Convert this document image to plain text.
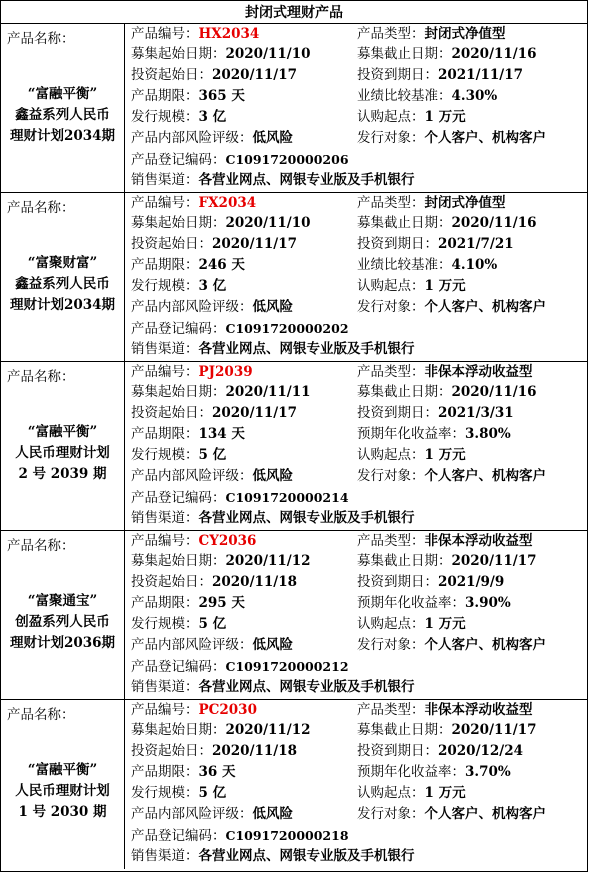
封闭式理财产品
产品名称：
“富融平衡”
鑫益系列人民币
理财计划2034期
产品编号：HX2034	产品类型：封闭式净值型
募集起始日期：2020/11/10	募集截止日期：2020/11/16
投资起始日：2020/11/17	投资到期日：2021/11/17
产品期限：365 天	业绩比较基准：4.30%
发行规模：3 亿	认购起点：1 万元
产品内部风险评级：低风险	发行对象：个人客户、机构客户
产品登记编码：C1091720000206
销售渠道：各营业网点、网银专业版及手机银行
产品名称：
“富聚财富”
鑫益系列人民币
理财计划2034期
产品编号：FX2034	产品类型：封闭式净值型
募集起始日期：2020/11/10	募集截止日期：2020/11/16
投资起始日：2020/11/17	投资到期日：2021/7/21
产品期限：246 天	业绩比较基准：4.10%
发行规模：3 亿	认购起点：1 万元
产品内部风险评级：低风险	发行对象：个人客户、机构客户
产品登记编码：C1091720000202
销售渠道：各营业网点、网银专业版及手机银行
产品名称：
“富融平衡”
人民币理财计划
2 号 2039 期
产品编号：PJ2039	产品类型：非保本浮动收益型
募集起始日期：2020/11/11	募集截止日期：2020/11/16
投资起始日：2020/11/17	投资到期日：2021/3/31
产品期限：134 天	预期年化收益率：3.80%
发行规模：5 亿	认购起点：1 万元
产品内部风险评级：低风险	发行对象：个人客户、机构客户
产品登记编码：C1091720000214
销售渠道：各营业网点、网银专业版及手机银行
产品名称：
“富聚通宝”
创盈系列人民币
理财计划2036期
产品编号：CY2036	产品类型：非保本浮动收益型
募集起始日期：2020/11/12	募集截止日期：2020/11/17
投资起始日：2020/11/18	投资到期日：2021/9/9
产品期限：295 天	预期年化收益率：3.90%
发行规模：5 亿	认购起点：1 万元
产品内部风险评级：低风险	发行对象：个人客户、机构客户
产品登记编码：C1091720000212
销售渠道：各营业网点、网银专业版及手机银行
产品名称：
“富融平衡”
人民币理财计划
1 号 2030 期
产品编号：PC2030	产品类型：非保本浮动收益型
募集起始日期：2020/11/12	募集截止日期：2020/11/17
投资起始日：2020/11/18	投资到期日：2020/12/24
产品期限：36 天	预期年化收益率：3.70%
发行规模：5 亿	认购起点：1 万元
产品内部风险评级：低风险	发行对象：个人客户、机构客户
产品登记编码：C1091720000218
销售渠道：各营业网点、网银专业版及手机银行
